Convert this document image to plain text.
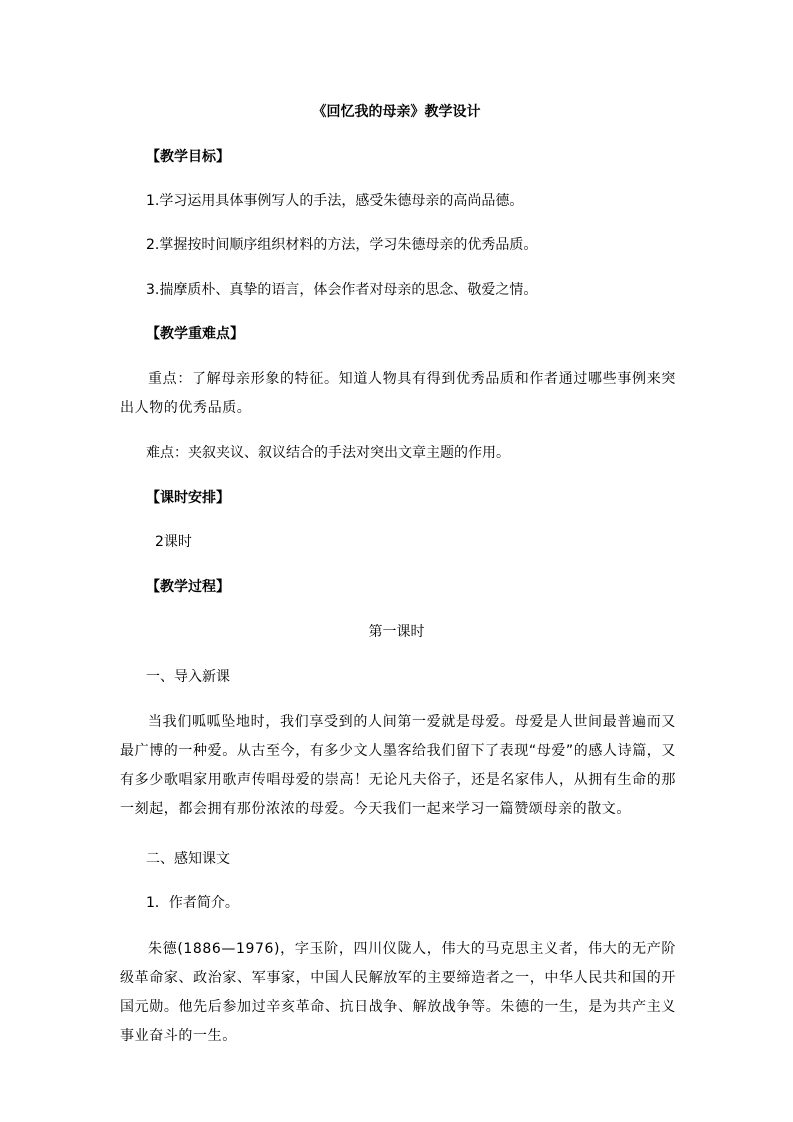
《回忆我的母亲》教学设计
【教学目标】
1.学习运用具体事例写人的手法，感受朱德母亲的高尚品德。
2.掌握按时间顺序组织材料的方法，学习朱德母亲的优秀品质。
3.揣摩质朴、真挚的语言，体会作者对母亲的思念、敬爱之情。
【教学重难点】
重点：了解母亲形象的特征。知道人物具有得到优秀品质和作者通过哪些事例来突出人物的优秀品质。
难点：夹叙夹议、叙议结合的手法对突出文章主题的作用。
【课时安排】
2课时
【教学过程】
第一课时
一、导入新课
当我们呱呱坠地时，我们享受到的人间第一爱就是母爱。母爱是人世间最普遍而又最广博的一种爱。从古至今，有多少文人墨客给我们留下了表现“母爱”的感人诗篇，又有多少歌唱家用歌声传唱母爱的崇高！无论凡夫俗子，还是名家伟人，从拥有生命的那一刻起，都会拥有那份浓浓的母爱。今天我们一起来学习一篇赞颂母亲的散文。
二、感知课文
1．作者简介。
朱德(1886—1976)，字玉阶，四川仪陇人，伟大的马克思主义者，伟大的无产阶级革命家、政治家、军事家，中国人民解放军的主要缔造者之一，中华人民共和国的开国元勋。他先后参加过辛亥革命、抗日战争、解放战争等。朱德的一生，是为共产主义事业奋斗的一生。
